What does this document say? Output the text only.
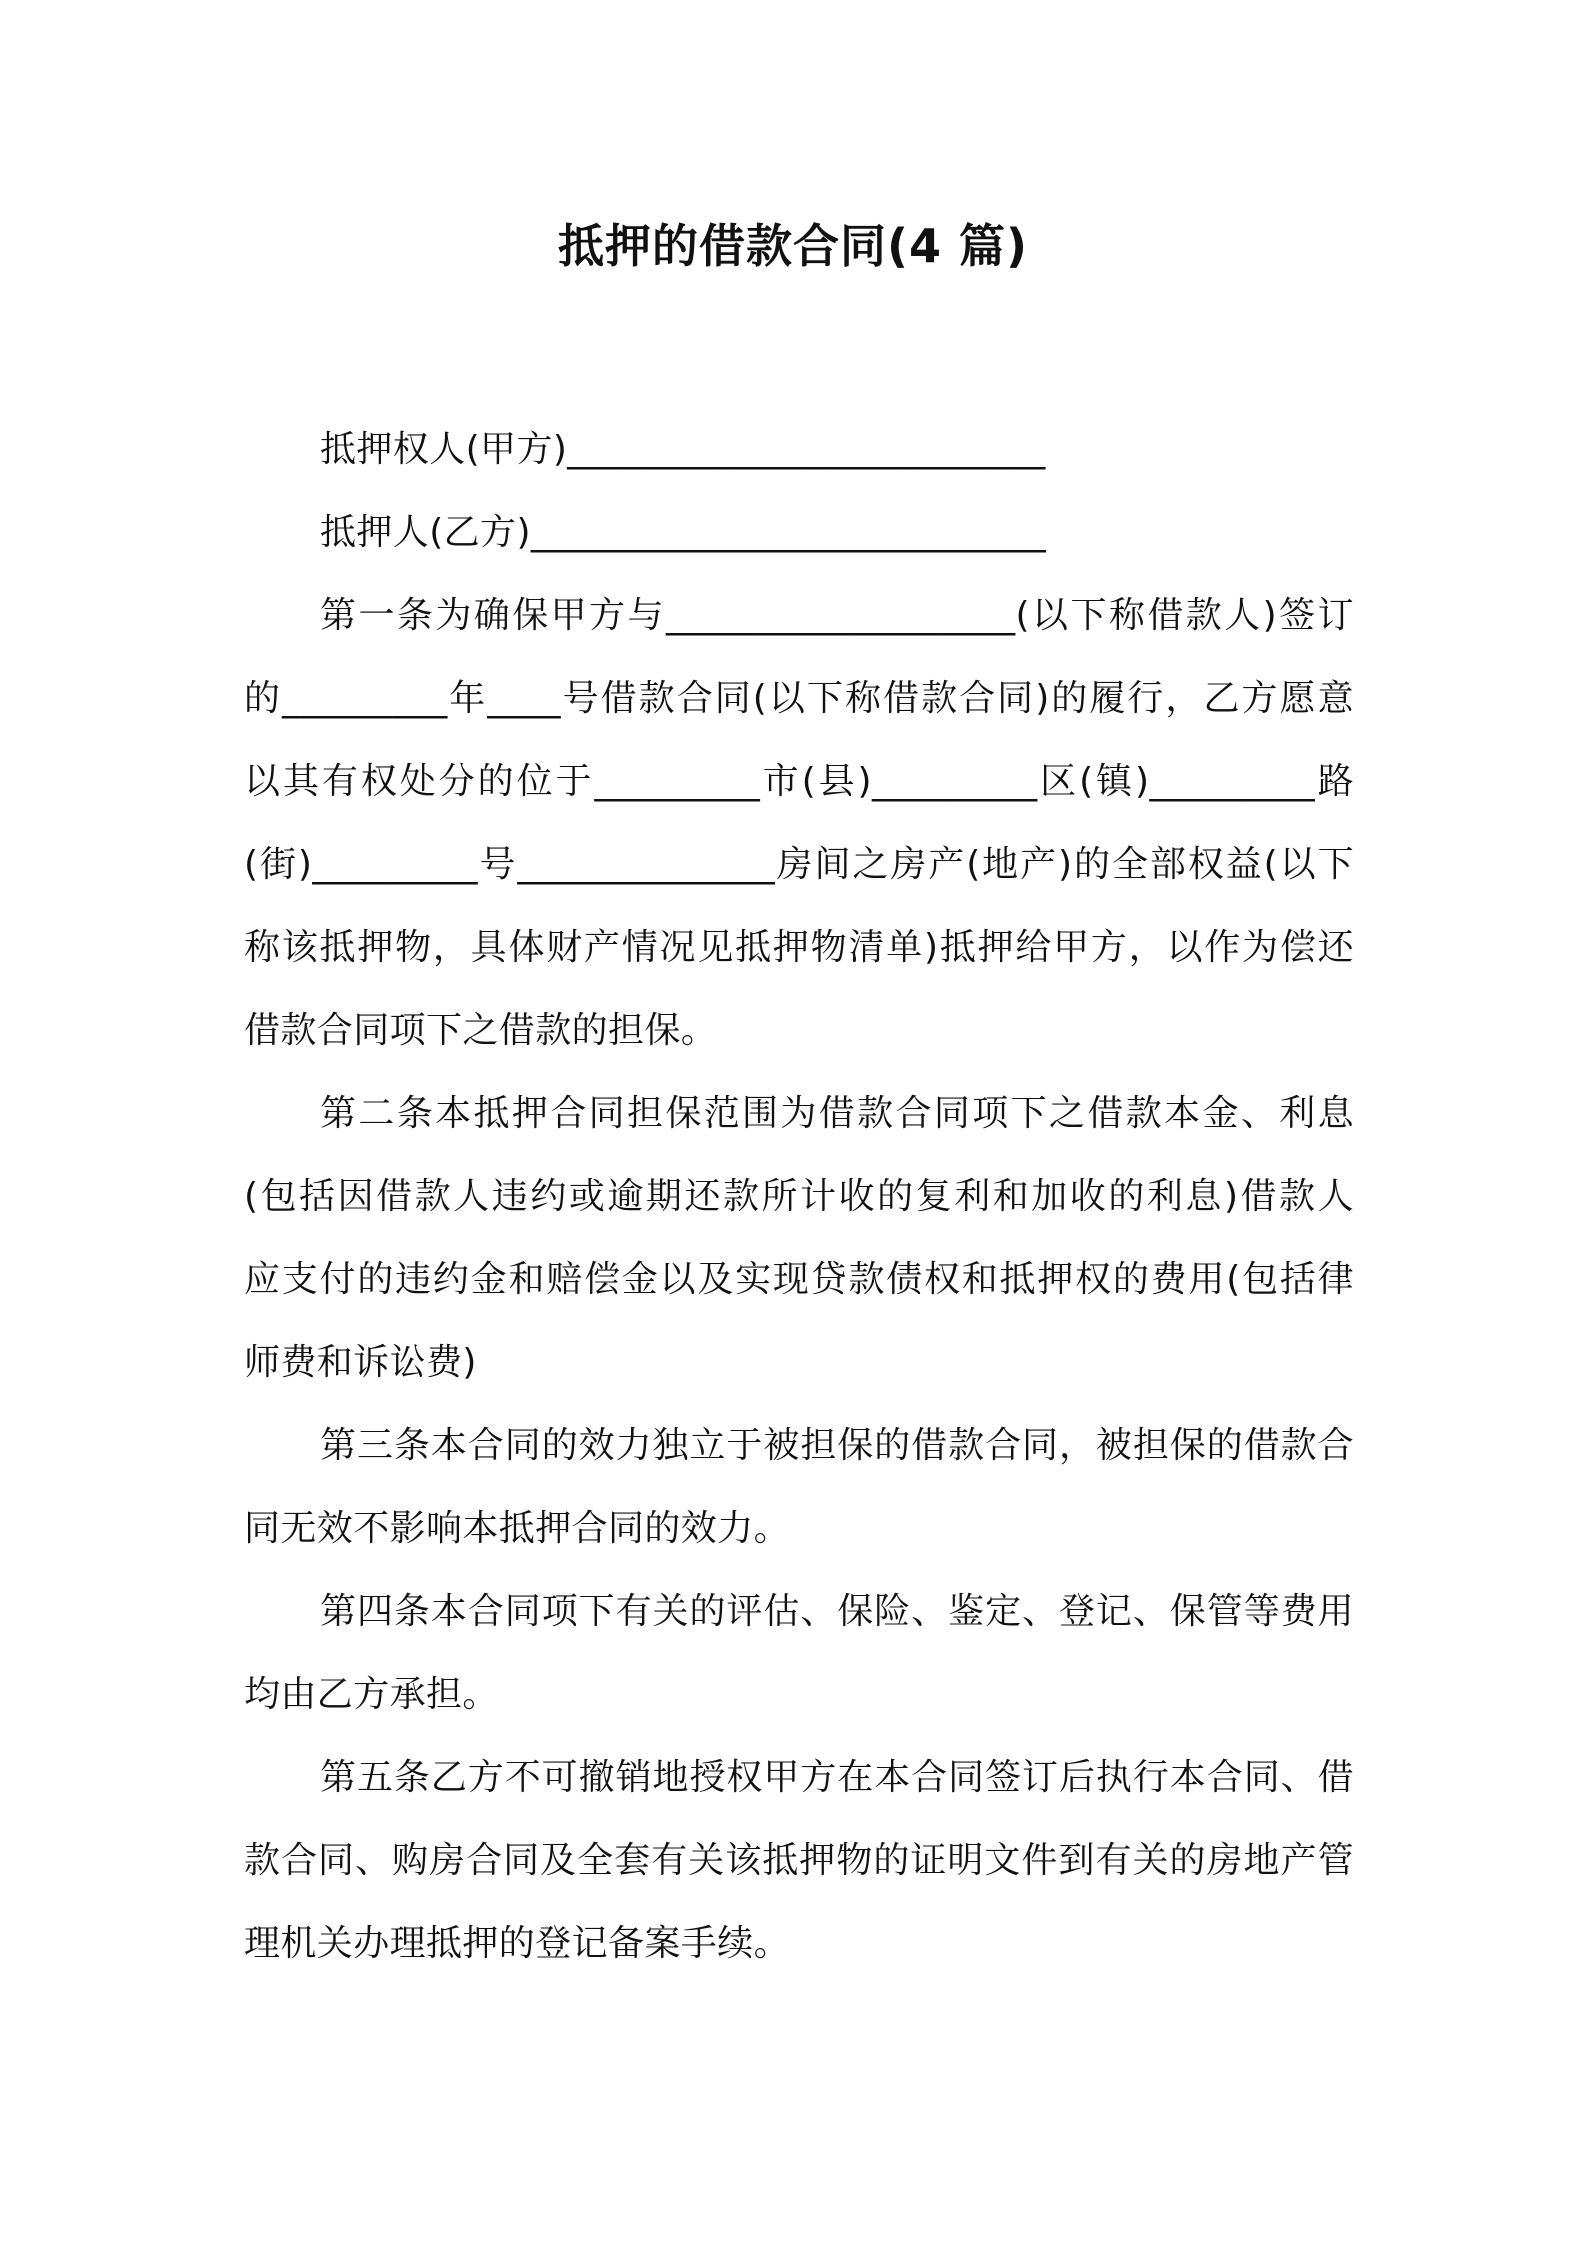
抵押的借款合同(4 篇)
抵押权人(甲方)__________________________
抵押人(乙方)____________________________
第一条为确保甲方与___________________(以下称借款人)签订
的_________年____号借款合同(以下称借款合同)的履行，乙方愿意
以其有权处分的位于_________市(县)_________区(镇)_________路
(街)_________号______________房间之房产(地产)的全部权益(以下
称该抵押物，具体财产情况见抵押物清单)抵押给甲方，以作为偿还
借款合同项下之借款的担保。
第二条本抵押合同担保范围为借款合同项下之借款本金、利息
(包括因借款人违约或逾期还款所计收的复利和加收的利息)借款人
应支付的违约金和赔偿金以及实现贷款债权和抵押权的费用(包括律
师费和诉讼费)
第三条本合同的效力独立于被担保的借款合同，被担保的借款合
同无效不影响本抵押合同的效力。
第四条本合同项下有关的评估、保险、鉴定、登记、保管等费用
均由乙方承担。
第五条乙方不可撤销地授权甲方在本合同签订后执行本合同、借
款合同、购房合同及全套有关该抵押物的证明文件到有关的房地产管
理机关办理抵押的登记备案手续。
